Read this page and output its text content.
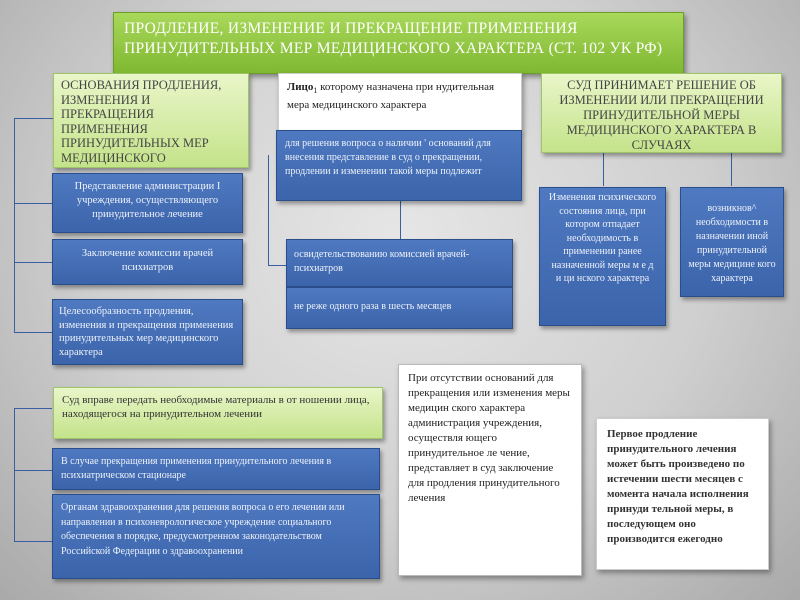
ПРОДЛЕНИЕ, ИЗМЕНЕНИЕ И ПРЕКРАЩЕНИЕ ПРИМЕНЕНИЯ ПРИНУДИТЕЛЬНЫХ МЕР МЕДИЦИНСКОГО ХАРАКТЕРА (СТ. 102 УК РФ)
ОСНОВАНИЯ ПРОДЛЕНИЯ, ИЗМЕНЕНИЯ И ПРЕКРАЩЕНИЯ ПРИМЕНЕНИЯ ПРИНУДИТЕЛЬНЫХ МЕР МЕДИЦИНСКОГО
Представление администрации I учреждения, осуществляющего принудительное лечение
Заключение комиссии врачей психиатров
Целесообразность продления, изменения и прекращения применения принудительных мер медицинского характера
Лицо$_1$ которому назначена при нудительная мера медицинского характера
для решения вопроса о наличии ' оснований для внесения представление в суд о прекращении, продлении и изменении такой меры подлежит
освидетельствованию комиссией врачей-психиатров
не реже одного раза в шесть месяцев
СУД ПРИНИМАЕТ РЕШЕНИЕ ОБ ИЗМЕНЕНИИ ИЛИ ПРЕКРАЩЕНИИ ПРИНУДИТЕЛЬНОЙ МЕРЫ МЕДИЦИНСКОГО ХАРАКТЕРА В СЛУЧАЯХ
Изменения психического состояния лица, при котором отпадает необходимость в применении ранее назначенной меры м е д и ци нского характера
возникнов^ необходимости в назначении иной принудительной меры медицине кого характера
Суд вправе передать необходимые материалы в от ношении лица, находящегося на принудительном лечении
В случае прекращения применения принудительного лечения в психиатрическом стационаре
Органам здравоохранения для решения вопроса о его лечении или направлении в психоневрологическое учреждение социального обеспечения в порядке, предусмотренном законодательством Российской Федерации о здравоохранении
При отсутствии оснований для прекращения или изменения меры медицин ского характера администрация учреждения, осуществля ющего принудительное ле чение, представляет в суд заключение для продления принудительного лечения
Первое продление принудительного лечения может быть произведено по истечении шести месяцев с момента начала исполнения принуди тельной меры, в последующем оно производится ежегодно
